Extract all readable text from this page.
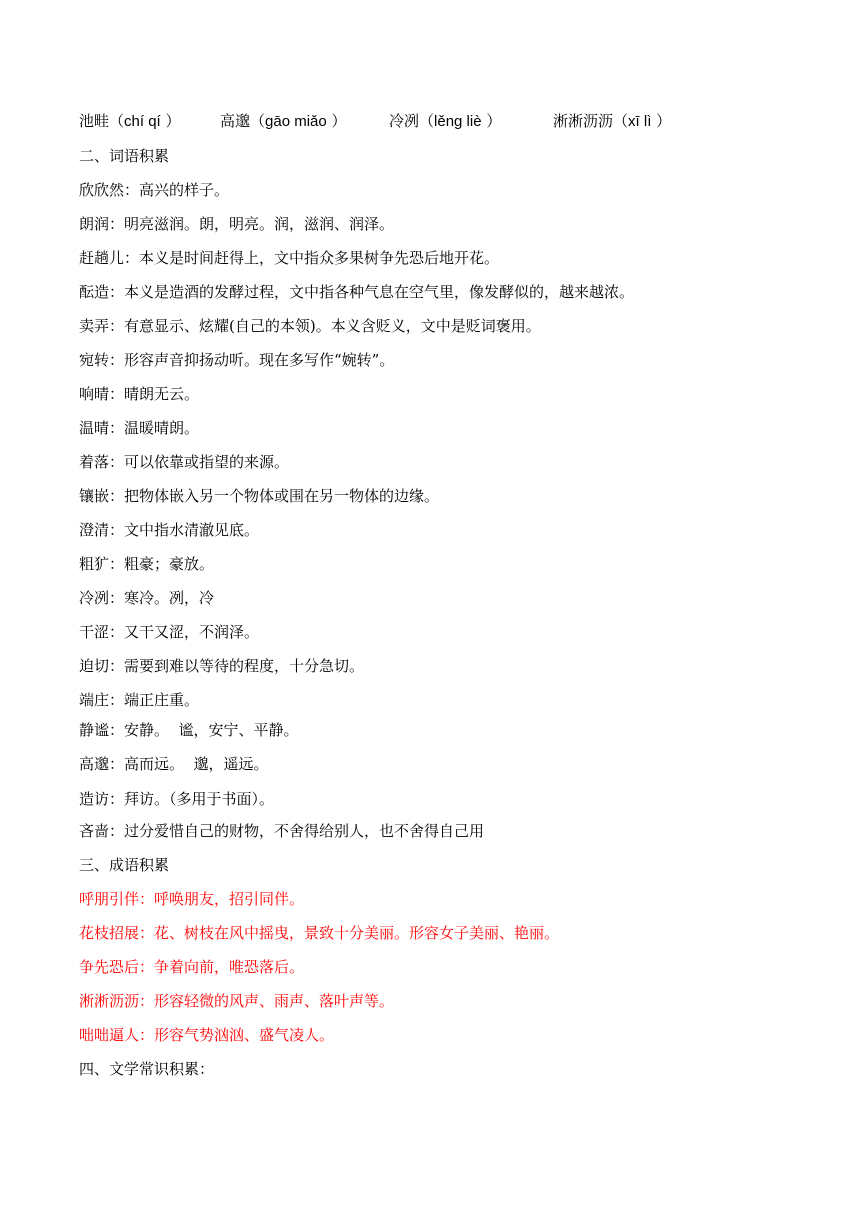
池畦（chí qí ）	高邈（gāo miǎo ）	冷冽（lěng liè ）	淅淅沥沥（xī lì ）
二、词语积累
欣欣然：高兴的样子。
朗润：明亮滋润。朗，明亮。润，滋润、润泽。
赶趟儿：本义是时间赶得上，文中指众多果树争先恐后地开花。
酝造：本义是造酒的发酵过程，文中指各种气息在空气里，像发酵似的，越来越浓。
卖弄：有意显示、炫耀(自己的本领)。本义含贬义，文中是贬词褒用。
宛转：形容声音抑扬动听。现在多写作“婉转”。
响晴：晴朗无云。
温晴：温暖晴朗。
着落：可以依靠或指望的来源。
镶嵌：把物体嵌入另一个物体或围在另一物体的边缘。
澄清：文中指水清澈见底。
粗犷：粗豪；豪放。
冷冽：寒冷。冽，冷
干涩：又干又涩，不润泽。
迫切：需要到难以等待的程度，十分急切。
端庄：端正庄重。
静谧：安静。  谧，安宁、平静。
高邈：高而远。  邈，遥远。
造访：拜访。（多用于书面）。
吝啬：过分爱惜自己的财物，不舍得给别人，也不舍得自己用
三、成语积累
呼朋引伴：呼唤朋友，招引同伴。
花枝招展：花、树枝在风中摇曳，景致十分美丽。形容女子美丽、艳丽。
争先恐后：争着向前，唯恐落后。
淅淅沥沥：形容轻微的风声、雨声、落叶声等。
咄咄逼人：形容气势汹汹、盛气凌人。
四、文学常识积累：
